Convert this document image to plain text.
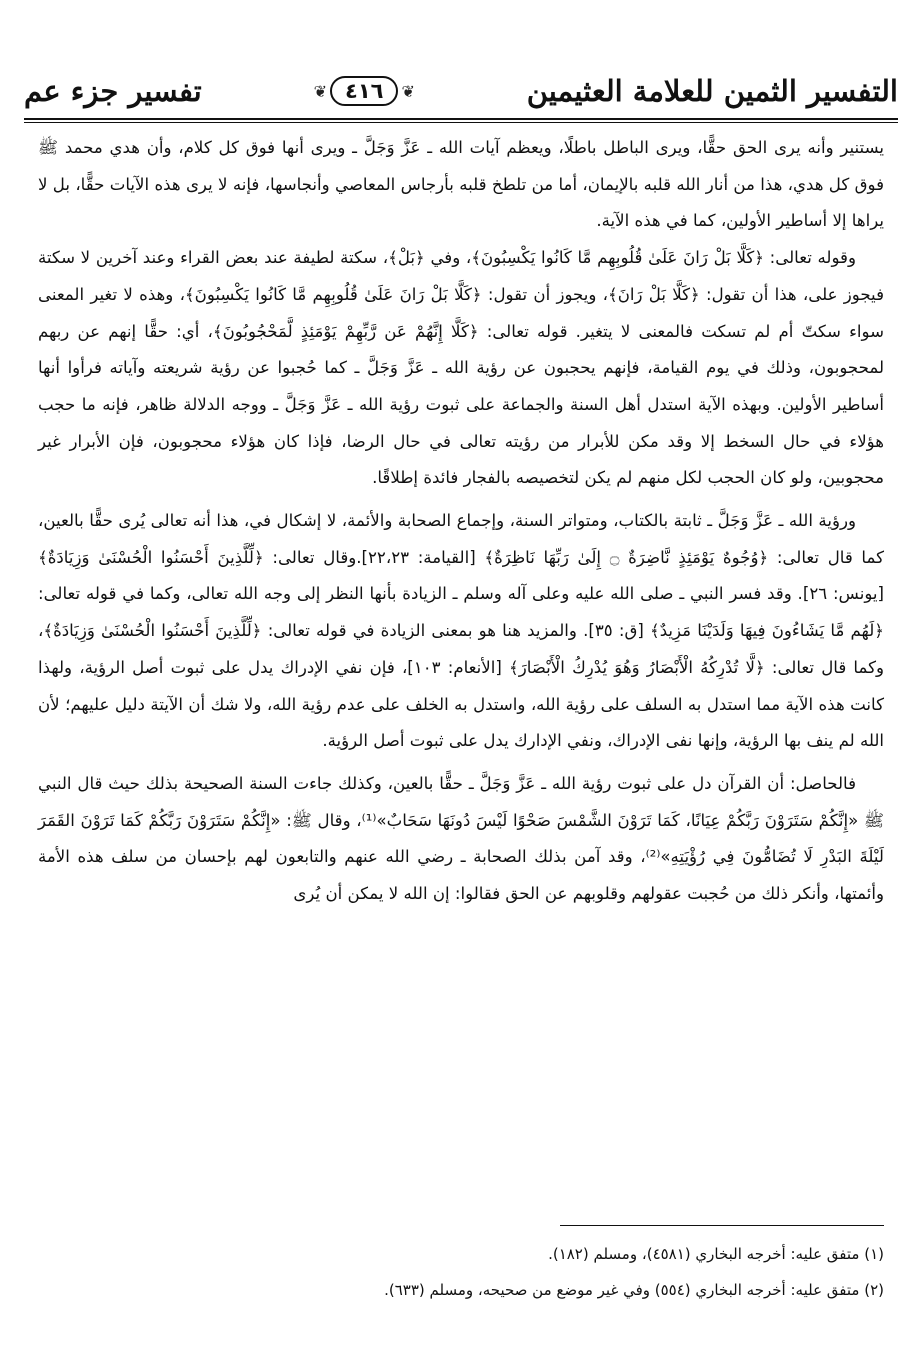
التفسير الثمين للعلامة العثيمين
❦ ٤١٦	❦
تفسير جزء عم

يستنير وأنه يرى الحق حقًّا، ويرى الباطل باطلًا، ويعظم آيات الله ـ عَزَّ وَجَلَّ ـ ويرى أنها فوق كل كلام، وأن هدي محمد ﷺ فوق كل هدي، هذا من أنار الله قلبه بالإيمان، أما من تلطخ قلبه بأرجاس المعاصي وأنجاسها، فإنه لا يرى هذه الآيات حقًّا، بل لا يراها إلا أساطير الأولين، كما في هذه الآية.

وقوله تعالى: ﴿كَلَّا بَلْ رَانَ عَلَىٰ قُلُوبِهِم مَّا كَانُوا يَكْسِبُونَ﴾، وفي ﴿بَلْ﴾، سكتة لطيفة عند بعض القراء وعند آخرين لا سكتة فيجوز على، هذا أن تقول: ﴿كَلَّا بَلْ رَانَ﴾، ويجوز أن تقول: ﴿كَلَّا بَلْ رَانَ عَلَىٰ قُلُوبِهِم مَّا كَانُوا يَكْسِبُونَ﴾، وهذه لا تغير المعنى سواء سكتّ أم لم تسكت فالمعنى لا يتغير. قوله تعالى: ﴿كَلَّا إِنَّهُمْ عَن رَّبِّهِمْ يَوْمَئِذٍ لَّمَحْجُوبُونَ﴾، أي: حقًّا إنهم عن ربهم لمحجوبون، وذلك في يوم القيامة، فإنهم يحجبون عن رؤية الله ـ عَزَّ وَجَلَّ ـ كما حُجبوا عن رؤية شريعته وآياته فرأوا أنها أساطير الأولين. وبهذه الآية استدل أهل السنة والجماعة على ثبوت رؤية الله ـ عَزَّ وَجَلَّ ـ ووجه الدلالة ظاهر، فإنه ما حجب هؤلاء في حال السخط إلا وقد مكن للأبرار من رؤيته تعالى في حال الرضا، فإذا كان هؤلاء محجوبون، فإن الأبرار غير محجوبين، ولو كان الحجب لكل منهم لم يكن لتخصيصه بالفجار فائدة إطلاقًا.

ورؤية الله ـ عَزَّ وَجَلَّ ـ ثابتة بالكتاب، ومتواتر السنة، وإجماع الصحابة والأئمة، لا إشكال في، هذا أنه تعالى يُرى حقًّا بالعين، كما قال تعالى: ﴿وُجُوهٌ يَوْمَئِذٍ نَّاضِرَةٌ ۝ إِلَىٰ رَبِّهَا نَاظِرَةٌ﴾ [القيامة: ٢٢،٢٣].وقال تعالى: ﴿لِّلَّذِينَ أَحْسَنُوا الْحُسْنَىٰ وَزِيَادَةٌ﴾ [يونس: ٢٦]. وقد فسر النبي ـ صلى الله عليه وعلى آله وسلم ـ الزيادة بأنها النظر إلى وجه الله تعالى، وكما في قوله تعالى: ﴿لَهُم مَّا يَشَاءُونَ فِيهَا وَلَدَيْنَا مَزِيدٌ﴾ [ق: ٣٥]. والمزيد هنا هو بمعنى الزيادة في قوله تعالى: ﴿لِّلَّذِينَ أَحْسَنُوا الْحُسْنَىٰ وَزِيَادَةٌ﴾، وكما قال تعالى: ﴿لَّا تُدْرِكُهُ الْأَبْصَارُ وَهُوَ يُدْرِكُ الْأَبْصَارَ﴾ [الأنعام: ١٠٣]، فإن نفي الإدراك يدل على ثبوت أصل الرؤية، ولهذا كانت هذه الآية مما استدل به السلف على رؤية الله، واستدل به الخلف على عدم رؤية الله، ولا شك أن الآيتة دليل عليهم؛ لأن الله لم ينف بها الرؤية، وإنها نفى الإدراك، ونفي الإدارك يدل على ثبوت أصل الرؤية.

فالحاصل: أن القرآن دل على ثبوت رؤية الله ـ عَزَّ وَجَلَّ ـ حقًّا بالعين، وكذلك جاءت السنة الصحيحة بذلك حيث قال النبي ﷺ «إِنَّكُمْ سَتَرَوْنَ رَبَّكُمْ عِيَانًا، كَمَا تَرَوْنَ الشَّمْسَ صَحْوًا لَيْسَ دُونَهَا سَحَابٌ»⁽¹⁾، وقال ﷺ: «إِنَّكُمْ سَتَرَوْنَ رَبَّكُمْ كَمَا تَرَوْنَ القَمَرَ لَيْلَةَ البَدْرِ لَا تُضَامُّونَ فِي رُؤْيَتِهِ»⁽²⁾، وقد آمن بذلك الصحابة ـ رضي الله عنهم والتابعون لهم بإحسان من سلف هذه الأمة وأئمتها، وأنكر ذلك من حُجبت عقولهم وقلوبهم عن الحق فقالوا: إن الله لا يمكن أن يُرى

(١) متفق عليه: أخرجه البخاري (٤٥٨١)، ومسلم (١٨٢).
(٢) متفق عليه: أخرجه البخاري (٥٥٤) وفي غير موضع من صحيحه، ومسلم (٦٣٣).
